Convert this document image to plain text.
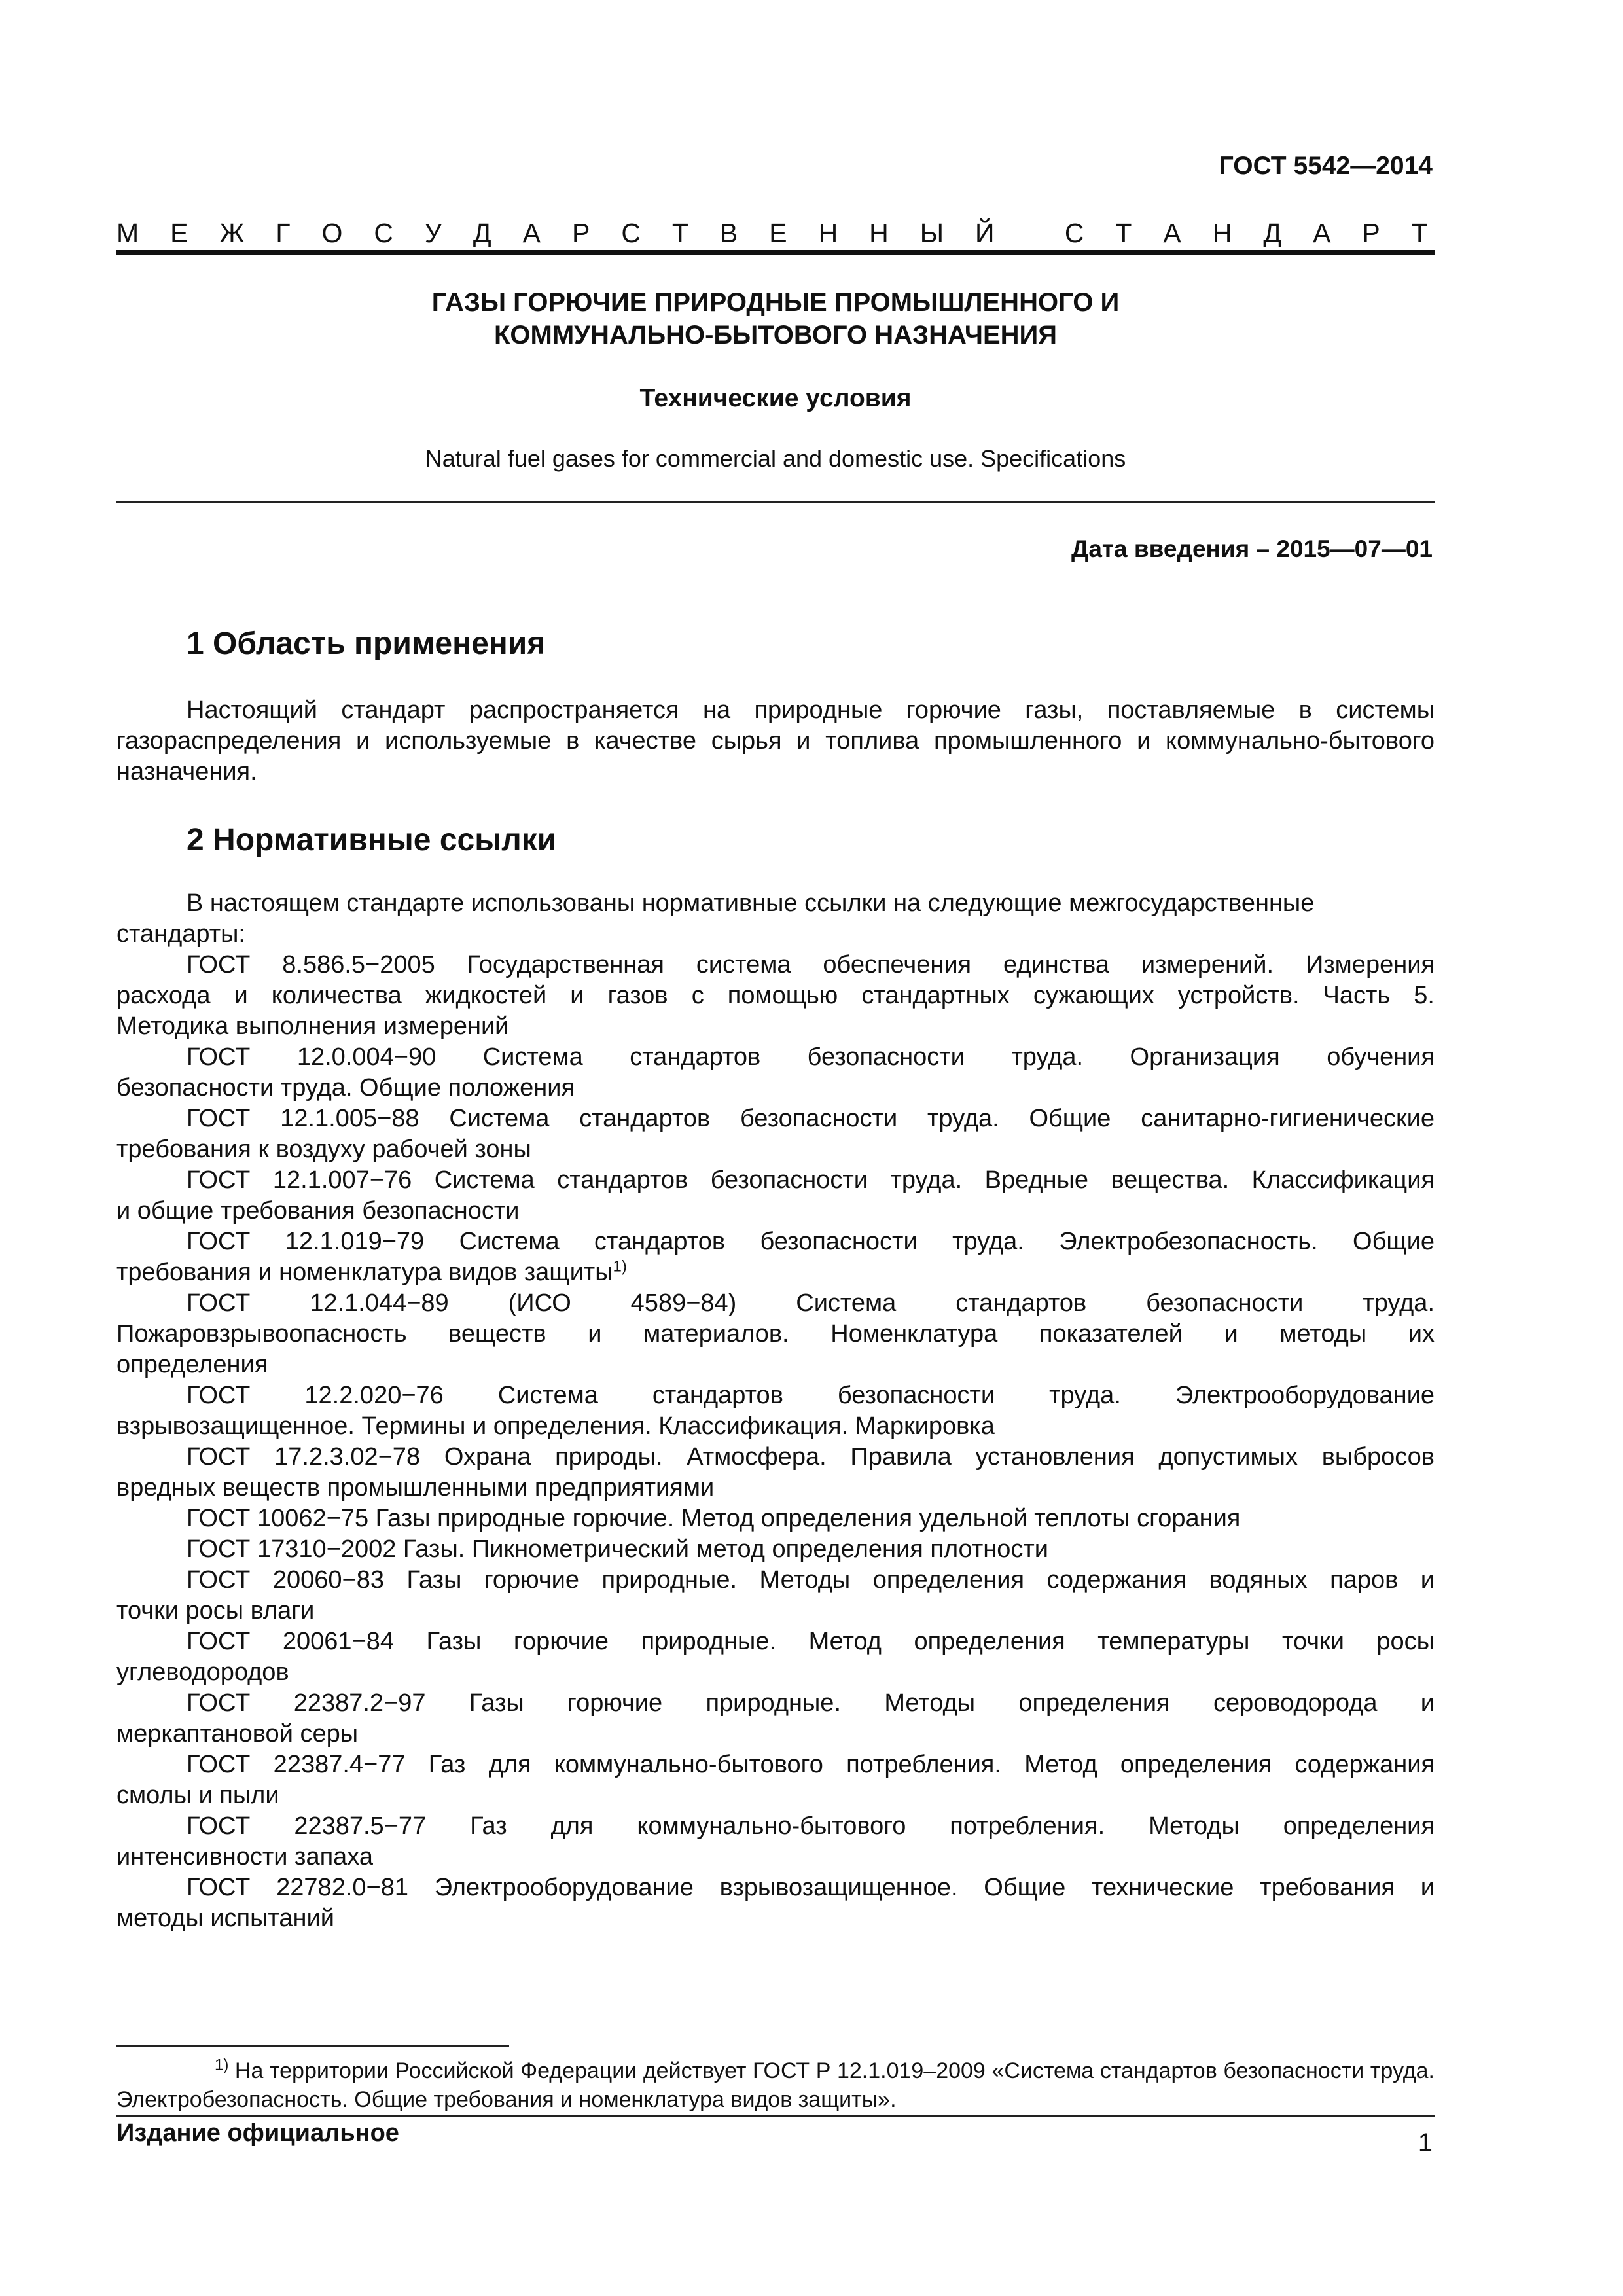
ГОСТ 5542—2014
М Е Ж Г О С У Д А Р С Т В Е Н Н Ы Й
	С Т А Н Д А Р Т
ГАЗЫ ГОРЮЧИЕ ПРИРОДНЫЕ ПРОМЫШЛЕННОГО И
КОММУНАЛЬНО-БЫТОВОГО НАЗНАЧЕНИЯ
Технические условия
Natural fuel gases for commercial and domestic use. Specifications
Дата введения – 2015—07—01
1 Область применения
Настоящий стандарт распространяется на природные горючие газы, поставляемые в системы газораспределения и используемые в качестве сырья и топлива промышленного и коммунально-бытового назначения.
2 Нормативные ссылки
В настоящем стандарте использованы нормативные ссылки на следующие межгосударственные
стандарты:
ГОСТ 8.586.5−2005 Государственная система обеспечения единства измерений. Измерения
расхода и количества жидкостей и газов с помощью стандартных сужающих устройств. Часть 5.
Методика выполнения измерений
ГОСТ 12.0.004−90 Система стандартов безопасности труда. Организация обучения
безопасности труда. Общие положения
ГОСТ 12.1.005−88 Система стандартов безопасности труда. Общие санитарно-гигиенические
требования к воздуху рабочей зоны
ГОСТ 12.1.007−76 Система стандартов безопасности труда. Вредные вещества. Классификация
и общие требования безопасности
ГОСТ 12.1.019−79 Система стандартов безопасности труда. Электробезопасность. Общие
требования и номенклатура видов защиты$^{1)}$
ГОСТ 12.1.044−89 (ИСО 4589−84) Система стандартов безопасности труда.
Пожаровзрывоопасность веществ и материалов. Номенклатура показателей и методы их
определения
ГОСТ 12.2.020−76 Система стандартов безопасности труда. Электрооборудование
взрывозащищенное. Термины и определения. Классификация. Маркировка
ГОСТ 17.2.3.02−78 Охрана природы. Атмосфера. Правила установления допустимых выбросов
вредных веществ промышленными предприятиями
ГОСТ 10062−75 Газы природные горючие. Метод определения удельной теплоты сгорания
ГОСТ 17310−2002 Газы. Пикнометрический метод определения плотности
ГОСТ 20060−83 Газы горючие природные. Методы определения содержания водяных паров и
точки росы влаги
ГОСТ 20061−84 Газы горючие природные. Метод определения температуры точки росы
углеводородов
ГОСТ 22387.2−97 Газы горючие природные. Методы определения сероводорода и
меркаптановой серы
ГОСТ 22387.4−77 Газ для коммунально-бытового потребления. Метод определения содержания
смолы и пыли
ГОСТ 22387.5−77 Газ для коммунально-бытового потребления. Методы определения
интенсивности запаха
ГОСТ 22782.0−81 Электрооборудование взрывозащищенное. Общие технические требования и
методы испытаний
$^{1)}$ На территории Российской Федерации действует ГОСТ Р 12.1.019–2009 «Система стандартов безопасности труда. Электробезопасность. Общие требования и номенклатура видов защиты».
Издание официальное	1
